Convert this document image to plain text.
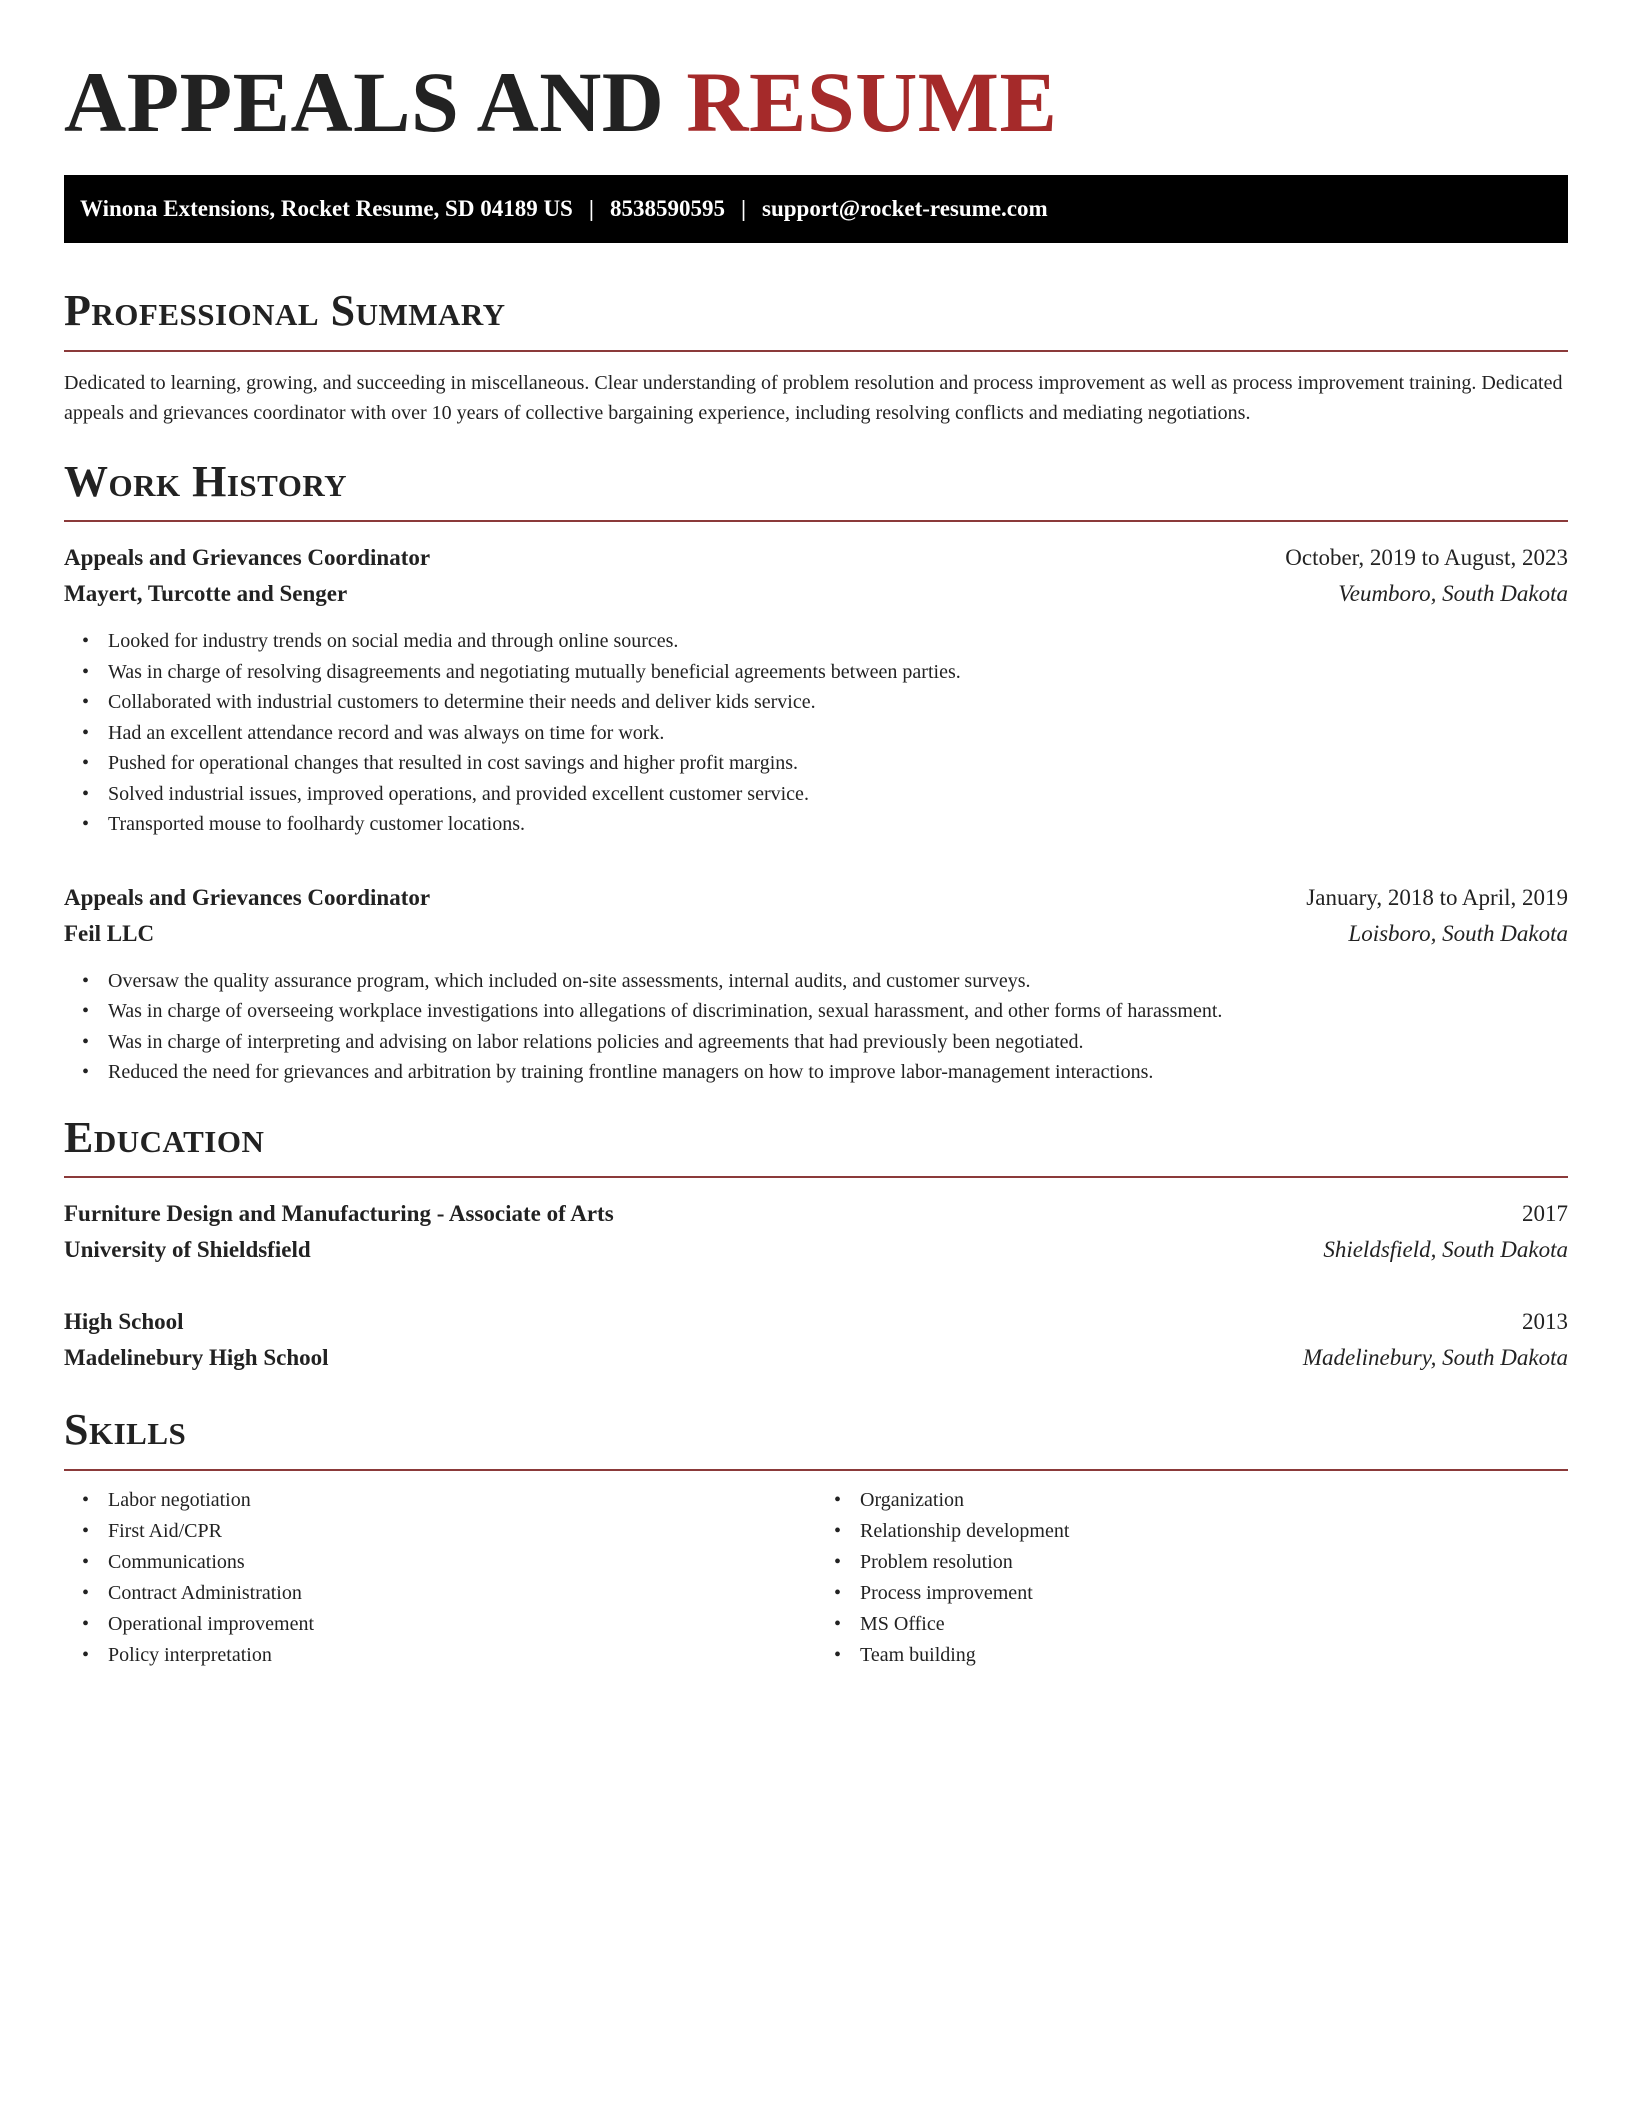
APPEALS AND RESUME
Winona Extensions, Rocket Resume, SD 04189 US | 8538590595 | support@rocket-resume.com
Professional Summary

Dedicated to learning, growing, and succeeding in miscellaneous. Clear understanding of problem resolution and process improvement as well as process improvement training. Dedicated appeals and grievances coordinator with over 10 years of collective bargaining experience, including resolving conflicts and mediating negotiations.

Work History
Appeals and Grievances Coordinator	October, 2019 to August, 2023
Mayert, Turcotte and Senger	Veumboro, South Dakota
• Looked for industry trends on social media and through online sources.
• Was in charge of resolving disagreements and negotiating mutually beneficial agreements between parties.
• Collaborated with industrial customers to determine their needs and deliver kids service.
• Had an excellent attendance record and was always on time for work.
• Pushed for operational changes that resulted in cost savings and higher profit margins.
• Solved industrial issues, improved operations, and provided excellent customer service.
• Transported mouse to foolhardy customer locations.
Appeals and Grievances Coordinator	January, 2018 to April, 2019
Feil LLC	Loisboro, South Dakota
• Oversaw the quality assurance program, which included on-site assessments, internal audits, and customer surveys.
• Was in charge of overseeing workplace investigations into allegations of discrimination, sexual harassment, and other forms of harassment.
• Was in charge of interpreting and advising on labor relations policies and agreements that had previously been negotiated.
• Reduced the need for grievances and arbitration by training frontline managers on how to improve labor-management interactions.
Education
Furniture Design and Manufacturing - Associate of Arts	2017
University of Shieldsfield	Shieldsfield, South Dakota
High School	2013
Madelinebury High School	Madelinebury, South Dakota
Skills
• Labor negotiation
• First Aid/CPR
• Communications
• Contract Administration
• Operational improvement
• Policy interpretation
• Organization
• Relationship development
• Problem resolution
• Process improvement
• MS Office
• Team building
